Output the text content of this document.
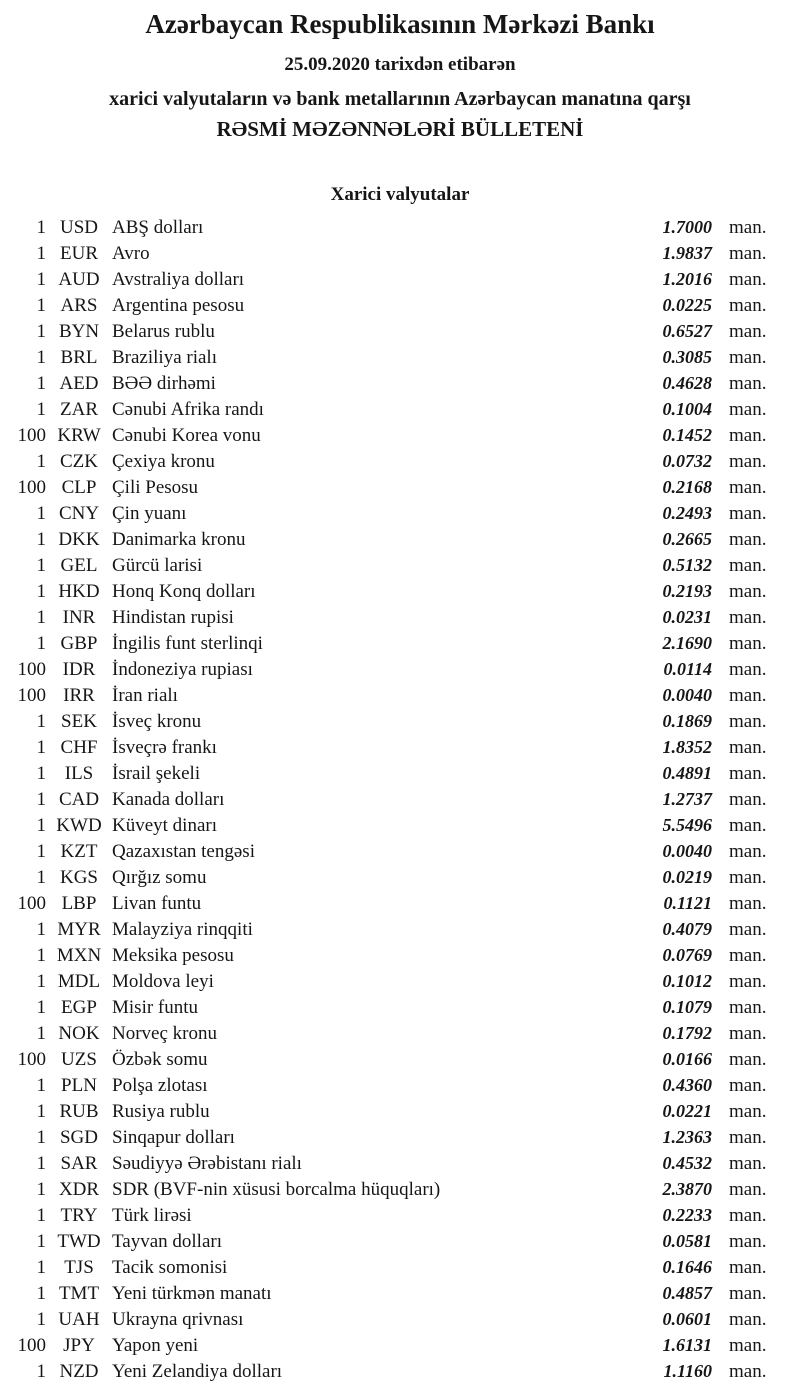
Azərbaycan Respublikasının Mərkəzi Bankı
25.09.2020 tarixdən etibarən
xarici valyutaların və bank metallarının Azərbaycan manatına qarşı
RƏSMİ MƏZƏNNƏLƏRİ BÜLLETENİ
Xarici valyutalar
1 USD ABŞ dolları	1.7000 man.
1 EUR Avro	1.9837 man.
1 AUD Avstraliya dolları	1.2016 man.
1 ARS Argentina pesosu	0.0225 man.
1 BYN Belarus rublu	0.6527 man.
1 BRL Braziliya rialı	0.3085 man.
1 AED BƏƏ dirhəmi	0.4628 man.
1 ZAR Cənubi Afrika randı	0.1004 man.
100 KRW Cənubi Korea vonu	0.1452 man.
1 CZK Çexiya kronu	0.0732 man.
100 CLP Çili Pesosu	0.2168 man.
1 CNY Çin yuanı	0.2493 man.
1 DKK Danimarka kronu	0.2665 man.
1 GEL Gürcü larisi	0.5132 man.
1 HKD Honq Konq dolları	0.2193 man.
1 INR Hindistan rupisi	0.0231 man.
1 GBP İngilis funt sterlinqi	2.1690 man.
100 IDR İndoneziya rupiası	0.0114 man.
100 IRR İran rialı	0.0040 man.
1 SEK İsveç kronu	0.1869 man.
1 CHF İsveçrə frankı	1.8352 man.
1 ILS İsrail şekeli	0.4891 man.
1 CAD Kanada dolları	1.2737 man.
1 KWD Küveyt dinarı	5.5496 man.
1 KZT Qazaxıstan tengəsi	0.0040 man.
1 KGS Qırğız somu	0.0219 man.
100 LBP Livan funtu	0.1121 man.
1 MYR Malayziya rinqqiti	0.4079 man.
1 MXN Meksika pesosu	0.0769 man.
1 MDL Moldova leyi	0.1012 man.
1 EGP Misir funtu	0.1079 man.
1 NOK Norveç kronu	0.1792 man.
100 UZS Özbək somu	0.0166 man.
1 PLN Polşa zlotası	0.4360 man.
1 RUB Rusiya rublu	0.0221 man.
1 SGD Sinqapur dolları	1.2363 man.
1 SAR Səudiyyə Ərəbistanı rialı	0.4532 man.
1 XDR SDR (BVF-nin xüsusi borcalma hüquqları)	2.3870 man.
1 TRY Türk lirəsi	0.2233 man.
1 TWD Tayvan dolları	0.0581 man.
1 TJS Tacik somonisi	0.1646 man.
1 TMT Yeni türkmən manatı	0.4857 man.
1 UAH Ukrayna qrivnası	0.0601 man.
100 JPY Yapon yeni	1.6131 man.
1 NZD Yeni Zelandiya dolları	1.1160 man.
